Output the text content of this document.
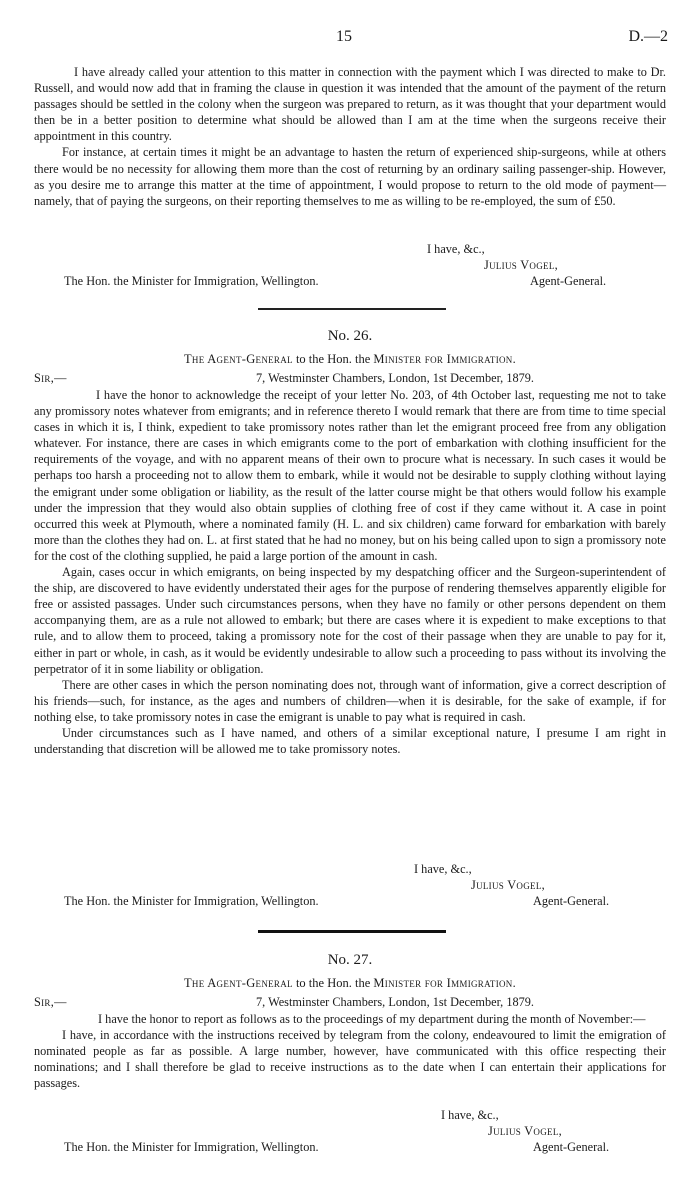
15	D.—2

I have already called your attention to this matter in connection with the payment which I was directed to make to Dr. Russell, and would now add that in framing the clause in question it was intended that the amount of the payment of the return passages should be settled in the colony when the surgeon was prepared to return, as it was thought that your department would then be in a better position to determine what should be allowed than I am at the time when the surgeons receive their appointment in this country.

For instance, at certain times it might be an advantage to hasten the return of experienced ship-surgeons, while at others there would be no necessity for allowing them more than the cost of returning by an ordinary sailing passenger-ship. However, as you desire me to arrange this matter at the time of appointment, I would propose to return to the old mode of payment—namely, that of paying the surgeons, on their reporting themselves to me as willing to be re-employed, the sum of £50.

I have, &c.,
Julius Vogel,
The Hon. the Minister for Immigration, Wellington.	Agent-General.
No. 26.
The Agent-General to the Hon. the Minister for Immigration.
Sir,—	7, Westminster Chambers, London, 1st December, 1879.

I have the honor to acknowledge the receipt of your letter No. 203, of 4th October last, requesting me not to take any promissory notes whatever from emigrants; and in reference thereto I would remark that there are from time to time special cases in which it is, I think, expedient to take promissory notes rather than let the emigrant proceed free from any obligation whatever. For instance, there are cases in which emigrants come to the port of embarkation with clothing insufficient for the requirements of the voyage, and with no apparent means of their own to procure what is necessary. In such cases it would be perhaps too harsh a proceeding not to allow them to embark, while it would not be desirable to supply clothing without laying the emigrant under some obligation or liability, as the result of the latter course might be that others would follow his example under the impression that they would also obtain supplies of clothing free of cost if they came without it. A case in point occurred this week at Plymouth, where a nominated family (H. L. and six children) came forward for embarkation with barely more than the clothes they had on. L. at first stated that he had no money, but on his being called upon to sign a promissory note for the cost of the clothing supplied, he paid a large portion of the amount in cash.

Again, cases occur in which emigrants, on being inspected by my despatching officer and the Surgeon-superintendent of the ship, are discovered to have evidently understated their ages for the purpose of rendering themselves apparently eligible for free or assisted passages. Under such circumstances persons, when they have no family or other persons dependent on them accompanying them, are as a rule not allowed to embark; but there are cases where it is expedient to make exceptions to that rule, and to allow them to proceed, taking a promissory note for the cost of their passage when they are unable to pay for it, either in part or whole, in cash, as it would be evidently undesirable to allow such a proceeding to pass without its involving the perpetrator of it in some liability or obligation.

There are other cases in which the person nominating does not, through want of information, give a correct description of his friends—such, for instance, as the ages and numbers of children—when it is desirable, for the sake of example, if for nothing else, to take promissory notes in case the emigrant is unable to pay what is required in cash.

Under circumstances such as I have named, and others of a similar exceptional nature, I presume I am right in understanding that discretion will be allowed me to take promissory notes.

I have, &c.,
Julius Vogel,
The Hon. the Minister for Immigration, Wellington.	Agent-General.
No. 27.
The Agent-General to the Hon. the Minister for Immigration.
Sir,—	7, Westminster Chambers, London, 1st December, 1879.

I have the honor to report as follows as to the proceedings of my department during the month of November:—

I have, in accordance with the instructions received by telegram from the colony, endeavoured to limit the emigration of nominated people as far as possible. A large number, however, have communicated with this office respecting their nominations; and I shall therefore be glad to receive instructions as to the date when I can entertain their applications for passages.

I have, &c.,
Julius Vogel,
The Hon. the Minister for Immigration, Wellington.	Agent-General.
